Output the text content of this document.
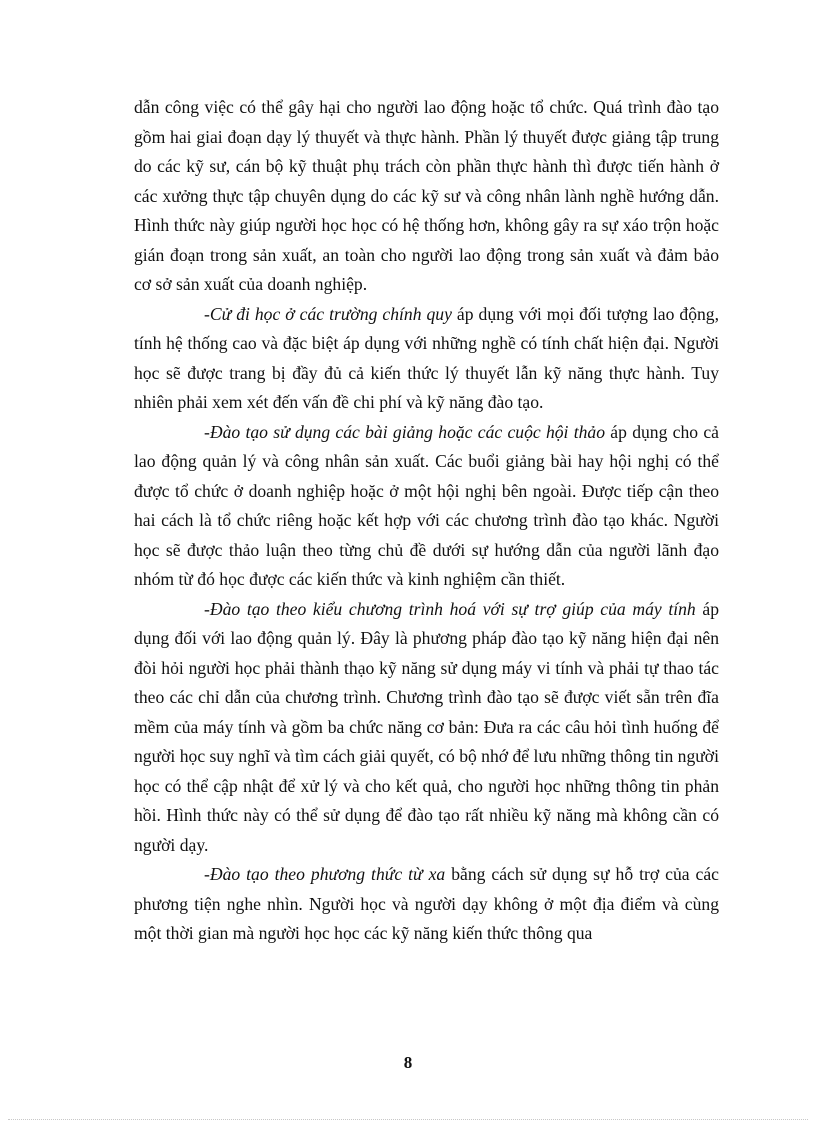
dẫn công việc có thể gây hại cho người lao động hoặc tổ chức. Quá trình đào tạo gồm hai giai đoạn dạy lý thuyết và thực hành. Phần lý thuyết được giảng tập trung do các kỹ sư, cán bộ kỹ thuật phụ trách còn phần thực hành thì được tiến hành ở các xưởng thực tập chuyên dụng do các kỹ sư và công nhân lành nghề hướng dẫn. Hình thức này giúp người học học có hệ thống hơn, không gây ra sự xáo trộn hoặc gián đoạn trong sản xuất, an toàn cho người lao động trong sản xuất và đảm bảo cơ sở sản xuất của doanh nghiệp.

-Cử đi học ở các trường chính quy áp dụng với mọi đối tượng lao động, tính hệ thống cao và đặc biệt áp dụng với những nghề có tính chất hiện đại. Người học sẽ được trang bị đầy đủ cả kiến thức lý thuyết lẫn kỹ năng thực hành. Tuy nhiên phải xem xét đến vấn đề chi phí và kỹ năng đào tạo.

-Đào tạo sử dụng các bài giảng hoặc các cuộc hội thảo áp dụng cho cả lao động quản lý và công nhân sản xuất. Các buổi giảng bài hay hội nghị có thể được tổ chức ở doanh nghiệp hoặc ở một hội nghị bên ngoài. Được tiếp cận theo hai cách là tổ chức riêng hoặc kết hợp với các chương trình đào tạo khác. Người học sẽ được thảo luận theo từng chủ đề dưới sự hướng dẫn của người lãnh đạo nhóm từ đó học được các kiến thức và kinh nghiệm cần thiết.

-Đào tạo theo kiểu chương trình hoá với sự trợ giúp của máy tính áp dụng đối với lao động quản lý. Đây là phương pháp đào tạo kỹ năng hiện đại nên đòi hỏi người học phải thành thạo kỹ năng sử dụng máy vi tính và phải tự thao tác theo các chỉ dẫn của chương trình. Chương trình đào tạo sẽ được viết sẵn trên đĩa mềm của máy tính và gồm ba chức năng cơ bản: Đưa ra các câu hỏi tình huống để người học suy nghĩ và tìm cách giải quyết, có bộ nhớ để lưu những thông tin người học có thể cập nhật để xử lý và cho kết quả, cho người học những thông tin phản hồi. Hình thức này có thể sử dụng để đào tạo rất nhiều kỹ năng mà không cần có người dạy.

-Đào tạo theo phương thức từ xa bằng cách sử dụng sự hỗ trợ của các phương tiện nghe nhìn. Người học và người dạy không ở một địa điểm và cùng một thời gian mà người học học các kỹ năng kiến thức thông qua

8
